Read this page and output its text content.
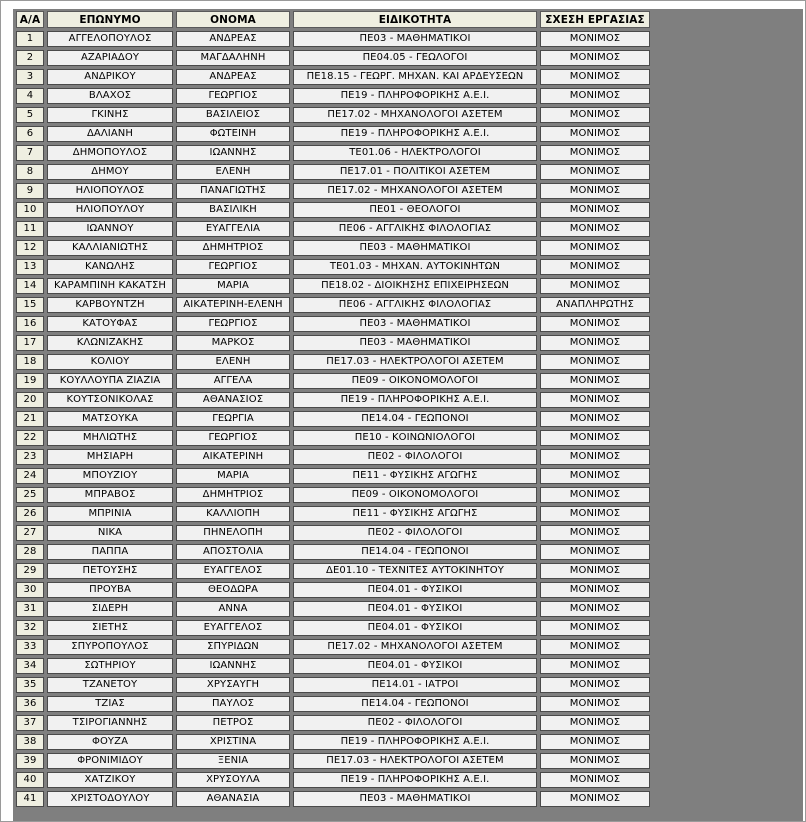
Α/Α	ΕΠΩΝΥΜΟ	ΟΝΟΜΑ	ΕΙΔΙΚΟΤΗΤΑ	ΣΧΕΣΗ ΕΡΓΑΣΙΑΣ
1	ΑΓΓΕΛΟΠΟΥΛΟΣ	ΑΝΔΡΕΑΣ	ΠΕ03 - ΜΑΘΗΜΑΤΙΚΟΙ	ΜΟΝΙΜΟΣ
2	ΑΖΑΡΙΑΔΟΥ	ΜΑΓΔΑΛΗΝΗ	ΠΕ04.05 - ΓΕΩΛΟΓΟΙ	ΜΟΝΙΜΟΣ
3	ΑΝΔΡΙΚΟΥ	ΑΝΔΡΕΑΣ	ΠΕ18.15 - ΓΕΩΡΓ. ΜΗΧΑΝ. ΚΑΙ ΑΡΔΕΥΣΕΩΝ	ΜΟΝΙΜΟΣ
4	ΒΛΑΧΟΣ	ΓΕΩΡΓΙΟΣ	ΠΕ19 - ΠΛΗΡΟΦΟΡΙΚΗΣ Α.Ε.Ι.	ΜΟΝΙΜΟΣ
5	ΓΚΙΝΗΣ	ΒΑΣΙΛΕΙΟΣ	ΠΕ17.02 - ΜΗΧΑΝΟΛΟΓΟΙ ΑΣΕΤΕΜ	ΜΟΝΙΜΟΣ
6	ΔΑΛΙΑΝΗ	ΦΩΤΕΙΝΗ	ΠΕ19 - ΠΛΗΡΟΦΟΡΙΚΗΣ Α.Ε.Ι.	ΜΟΝΙΜΟΣ
7	ΔΗΜΟΠΟΥΛΟΣ	ΙΩΑΝΝΗΣ	ΤΕ01.06 - ΗΛΕΚΤΡΟΛΟΓΟΙ	ΜΟΝΙΜΟΣ
8	ΔΗΜΟΥ	ΕΛΕΝΗ	ΠΕ17.01 - ΠΟΛΙΤΙΚΟΙ ΑΣΕΤΕΜ	ΜΟΝΙΜΟΣ
9	ΗΛΙΟΠΟΥΛΟΣ	ΠΑΝΑΓΙΩΤΗΣ	ΠΕ17.02 - ΜΗΧΑΝΟΛΟΓΟΙ ΑΣΕΤΕΜ	ΜΟΝΙΜΟΣ
10	ΗΛΙΟΠΟΥΛΟΥ	ΒΑΣΙΛΙΚΗ	ΠΕ01 - ΘΕΟΛΟΓΟΙ	ΜΟΝΙΜΟΣ
11	ΙΩΑΝΝΟΥ	ΕΥΑΓΓΕΛΙΑ	ΠΕ06 - ΑΓΓΛΙΚΗΣ ΦΙΛΟΛΟΓΙΑΣ	ΜΟΝΙΜΟΣ
12	ΚΑΛΛΙΑΝΙΩΤΗΣ	ΔΗΜΗΤΡΙΟΣ	ΠΕ03 - ΜΑΘΗΜΑΤΙΚΟΙ	ΜΟΝΙΜΟΣ
13	ΚΑΝΩΛΗΣ	ΓΕΩΡΓΙΟΣ	ΤΕ01.03 - ΜΗΧΑΝ. ΑΥΤΟΚΙΝΗΤΩΝ	ΜΟΝΙΜΟΣ
14	ΚΑΡΑΜΠΙΝΗ ΚΑΚΑΤΣΗ	ΜΑΡΙΑ	ΠΕ18.02 - ΔΙΟΙΚΗΣΗΣ ΕΠΙΧΕΙΡΗΣΕΩΝ	ΜΟΝΙΜΟΣ
15	ΚΑΡΒΟΥΝΤΖΗ	ΑΙΚΑΤΕΡΙΝΗ-ΕΛΕΝΗ	ΠΕ06 - ΑΓΓΛΙΚΗΣ ΦΙΛΟΛΟΓΙΑΣ	ΑΝΑΠΛΗΡΩΤΗΣ
16	ΚΑΤΟΥΦΑΣ	ΓΕΩΡΓΙΟΣ	ΠΕ03 - ΜΑΘΗΜΑΤΙΚΟΙ	ΜΟΝΙΜΟΣ
17	ΚΛΩΝΙΖΑΚΗΣ	ΜΑΡΚΟΣ	ΠΕ03 - ΜΑΘΗΜΑΤΙΚΟΙ	ΜΟΝΙΜΟΣ
18	ΚΟΛΙΟΥ	ΕΛΕΝΗ	ΠΕ17.03 - ΗΛΕΚΤΡΟΛΟΓΟΙ ΑΣΕΤΕΜ	ΜΟΝΙΜΟΣ
19	ΚΟΥΛΛΟΥΠΑ ΖΙΑΖΙΑ	ΑΓΓΕΛΑ	ΠΕ09 - ΟΙΚΟΝΟΜΟΛΟΓΟΙ	ΜΟΝΙΜΟΣ
20	ΚΟΥΤΣΟΝΙΚΟΛΑΣ	ΑΘΑΝΑΣΙΟΣ	ΠΕ19 - ΠΛΗΡΟΦΟΡΙΚΗΣ Α.Ε.Ι.	ΜΟΝΙΜΟΣ
21	ΜΑΤΣΟΥΚΑ	ΓΕΩΡΓΙΑ	ΠΕ14.04 - ΓΕΩΠΟΝΟΙ	ΜΟΝΙΜΟΣ
22	ΜΗΛΙΩΤΗΣ	ΓΕΩΡΓΙΟΣ	ΠΕ10 - ΚΟΙΝΩΝΙΟΛΟΓΟΙ	ΜΟΝΙΜΟΣ
23	ΜΗΣΙΑΡΗ	ΑΙΚΑΤΕΡΙΝΗ	ΠΕ02 - ΦΙΛΟΛΟΓΟΙ	ΜΟΝΙΜΟΣ
24	ΜΠΟΥΖΙΟΥ	ΜΑΡΙΑ	ΠΕ11 - ΦΥΣΙΚΗΣ ΑΓΩΓΗΣ	ΜΟΝΙΜΟΣ
25	ΜΠΡΑΒΟΣ	ΔΗΜΗΤΡΙΟΣ	ΠΕ09 - ΟΙΚΟΝΟΜΟΛΟΓΟΙ	ΜΟΝΙΜΟΣ
26	ΜΠΡΙΝΙΑ	ΚΑΛΛΙΟΠΗ	ΠΕ11 - ΦΥΣΙΚΗΣ ΑΓΩΓΗΣ	ΜΟΝΙΜΟΣ
27	ΝΙΚΑ	ΠΗΝΕΛΟΠΗ	ΠΕ02 - ΦΙΛΟΛΟΓΟΙ	ΜΟΝΙΜΟΣ
28	ΠΑΠΠΑ	ΑΠΟΣΤΟΛΙΑ	ΠΕ14.04 - ΓΕΩΠΟΝΟΙ	ΜΟΝΙΜΟΣ
29	ΠΕΤΟΥΣΗΣ	ΕΥΑΓΓΕΛΟΣ	ΔΕ01.10 - ΤΕΧΝΙΤΕΣ ΑΥΤΟΚΙΝΗΤΟΥ	ΜΟΝΙΜΟΣ
30	ΠΡΟΥΒΑ	ΘΕΟΔΩΡΑ	ΠΕ04.01 - ΦΥΣΙΚΟΙ	ΜΟΝΙΜΟΣ
31	ΣΙΔΕΡΗ	ΑΝΝΑ	ΠΕ04.01 - ΦΥΣΙΚΟΙ	ΜΟΝΙΜΟΣ
32	ΣΙΕΤΗΣ	ΕΥΑΓΓΕΛΟΣ	ΠΕ04.01 - ΦΥΣΙΚΟΙ	ΜΟΝΙΜΟΣ
33	ΣΠΥΡΟΠΟΥΛΟΣ	ΣΠΥΡΙΔΩΝ	ΠΕ17.02 - ΜΗΧΑΝΟΛΟΓΟΙ ΑΣΕΤΕΜ	ΜΟΝΙΜΟΣ
34	ΣΩΤΗΡΙΟΥ	ΙΩΑΝΝΗΣ	ΠΕ04.01 - ΦΥΣΙΚΟΙ	ΜΟΝΙΜΟΣ
35	ΤΖΑΝΕΤΟΥ	ΧΡΥΣΑΥΓΗ	ΠΕ14.01 - ΙΑΤΡΟΙ	ΜΟΝΙΜΟΣ
36	ΤΖΙΑΣ	ΠΑΥΛΟΣ	ΠΕ14.04 - ΓΕΩΠΟΝΟΙ	ΜΟΝΙΜΟΣ
37	ΤΣΙΡΟΓΙΑΝΝΗΣ	ΠΕΤΡΟΣ	ΠΕ02 - ΦΙΛΟΛΟΓΟΙ	ΜΟΝΙΜΟΣ
38	ΦΟΥΖΑ	ΧΡΙΣΤΙΝΑ	ΠΕ19 - ΠΛΗΡΟΦΟΡΙΚΗΣ Α.Ε.Ι.	ΜΟΝΙΜΟΣ
39	ΦΡΟΝΙΜΙΔΟΥ	ΞΕΝΙΑ	ΠΕ17.03 - ΗΛΕΚΤΡΟΛΟΓΟΙ ΑΣΕΤΕΜ	ΜΟΝΙΜΟΣ
40	ΧΑΤΖΙΚΟΥ	ΧΡΥΣΟΥΛΑ	ΠΕ19 - ΠΛΗΡΟΦΟΡΙΚΗΣ Α.Ε.Ι.	ΜΟΝΙΜΟΣ
41	ΧΡΙΣΤΟΔΟΥΛΟΥ	ΑΘΑΝΑΣΙΑ	ΠΕ03 - ΜΑΘΗΜΑΤΙΚΟΙ	ΜΟΝΙΜΟΣ
